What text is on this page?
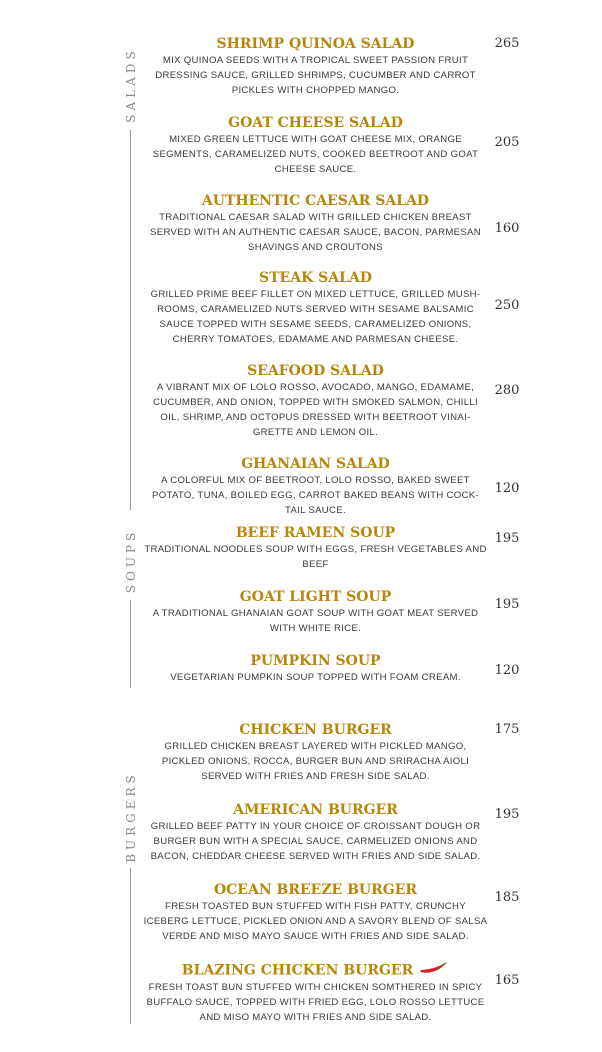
SALADS
SOUPS
BURGERS

SHRIMP QUINOA SALAD

MIX QUINOA SEEDS WITH A TROPICAL SWEET PASSION FRUIT DRESSING SAUCE, GRILLED SHRIMPS, CUCUMBER AND CARROT PICKLES WITH CHOPPED MANGO.

265

GOAT CHEESE SALAD

MIXED GREEN LETTUCE WITH GOAT CHEESE MIX, ORANGE SEGMENTS, CARAMELIZED NUTS, COOKED BEETROOT AND GOAT CHEESE SAUCE.

205

AUTHENTIC CAESAR SALAD

TRADITIONAL CAESAR SALAD WITH GRILLED CHICKEN BREAST SERVED WITH AN AUTHENTIC CAESAR SAUCE, BACON, PARMESAN SHAVINGS AND CROUTONS

160

STEAK SALAD

GRILLED PRIME BEEF FILLET ON MIXED LETTUCE, GRILLED MUSH-ROOMS, CARAMELIZED NUTS SERVED WITH SESAME BALSAMIC SAUCE TOPPED WITH SESAME SEEDS, CARAMELIZED ONIONS, CHERRY TOMATOES, EDAMAME AND PARMESAN CHEESE.

250

SEAFOOD SALAD

A VIBRANT MIX OF LOLO ROSSO, AVOCADO, MANGO, EDAMAME, CUCUMBER, AND ONION, TOPPED WITH SMOKED SALMON, CHILLI OIL, SHRIMP, AND OCTOPUS DRESSED WITH BEETROOT VINAI-GRETTE AND LEMON OIL.

280

GHANAIAN SALAD

A COLORFUL MIX OF BEETROOT, LOLO ROSSO, BAKED SWEET POTATO, TUNA, BOILED EGG, CARROT BAKED BEANS WITH COCK-TAIL SAUCE.

120

BEEF RAMEN SOUP

TRADITIONAL NOODLES SOUP WITH EGGS, FRESH VEGETABLES AND BEEF

195

GOAT LIGHT SOUP

A TRADITIONAL GHANAIAN GOAT SOUP WITH GOAT MEAT SERVED WITH WHITE RICE.

195

PUMPKIN SOUP

VEGETARIAN PUMPKIN SOUP TOPPED WITH FOAM CREAM.	120

CHICKEN BURGER

GRILLED CHICKEN BREAST LAYERED WITH PICKLED MANGO, PICKLED ONIONS, ROCCA, BURGER BUN AND SRIRACHA AIOLI SERVED WITH FRIES AND FRESH SIDE SALAD.

175

AMERICAN BURGER

GRILLED BEEF PATTY IN YOUR CHOICE OF CROISSANT DOUGH OR BURGER BUN WITH A SPECIAL SAUCE, CARMELIZED ONIONS AND BACON, CHEDDAR CHEESE SERVED WITH FRIES AND SIDE SALAD.

195

OCEAN BREEZE BURGER

FRESH TOASTED BUN STUFFED WITH FISH PATTY, CRUNCHY ICEBERG LETTUCE, PICKLED ONION AND A SAVORY BLEND OF SALSA VERDE AND MISO MAYO SAUCE WITH FRIES AND SIDE SALAD.

185

BLAZING CHICKEN BURGER

FRESH TOAST BUN STUFFED WITH CHICKEN SOMTHERED IN SPICY BUFFALO SAUCE, TOPPED WITH FRIED EGG, LOLO ROSSO LETTUCE AND MISO MAYO WITH FRIES AND SIDE SALAD.

165
